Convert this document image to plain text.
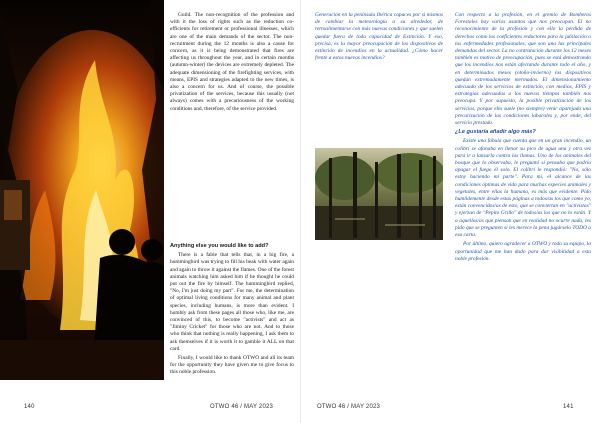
Guild. The non-recognition of the profession and with it the loss of rights such as the reduction co-efficients for retirement or professional illnesses, which are one of the main demands of the sector. The non-recruitment during the 12 months is also a cause for concern, as it is being demonstrated that fires are affecting us throughout the year, and in certain months (autumn-winter) the devices are extremely depleted. The adequate dimensioning of the firefighting services, with means, EPIS and strategies adapted to the new times, is also a concern for us. And of course, the possible privatization of the services, because this usually (not always) comes with a precariousness of the working conditions and, therefore, of the service provided.

Anything else you would like to add?

There is a fable that tells that, in a big fire, a hummingbird was trying to fill his beak with water again and again to throw it against the flames. One of the forest animals watching him asked him if he thought he could put out the fire by himself. The hummingbird replied, "No, I'm just doing my part". For me, the determination of optimal living conditions for many animal and plant species, including humans, is more than evident. I humbly ask from these pages all those who, like me, are convinced of this, to become "activists" and act as "Jiminy Cricket" for those who are not. And to those who think that nothing is really happening, I ask them to ask themselves if it is worth it to gamble it ALL on that card.

Finally, I would like to thank OTWO and all its team for the opportunity they have given me to give focus to this noble profession.

140	OTWO 46 / MAY 2023

Generación en la península Ibérica capaces por si mismos de cambiar la meteorología a su alrededor, de retroalimentarse con más nuevas condiciones y que suelen quedar fuera de toda capacidad de Extinción. Y eso, precisa, es la mayor preocupación de los dispositivos de extinción de incendios en la actualidad. ¿Cómo hacer frente a estos nuevos incendios?

Con respecto a la profesión, en el gremio de Bomberos Forestales hay varios asuntos que nos preocupan. El no reconocimiento de la profesión y con ello la pérdida de derechos como los coeficientes reductores para la jubilación o las enfermedades profesionales, que son una las principales demandas del sector. La no contratación durante los 12 meses también es motivo de preocupación, pues se está demostrando que los incendios nos están afectando durante todo el año, y en determinados meses (otoño-invierno) los dispositivos quedan extremadamente mermados. El dimensionamiento adecuado de los servicios de extinción, con medios, EPIS y estrategias adecuadas a los nuevos tiempos también nos preocupa. Y por supuesto, la posible privatización de los servicios, porque ello suele (no siempre) venir aparejado una precarización de las condiciones laborales y, por ende, del servicio prestado.

¿Le gustaría añadir algo más?

Existe una fábula que cuenta que en un gran incendio, un colibrí se afanaba en llenar su pico de agua una y otra vez para ir a lanzarla contra las llamas. Uno de los animales del bosque que lo observaba, le preguntó si pensaba que podría apagar el fuego él solo. El colibrí le respondió: "No, sólo estoy haciendo mi parte". Para mí, el alcance de las condiciones óptimas de vida para muchas especies animales y vegetales, entre ellas la humana, es más que evidente. Pido humildemente desde estas páginas a todos/as los que como yo, están convencidos/as de esto, que se conviertan en "activistas" y ejerzan de "Pepito Grillo" de todos/as los que no lo están. Y a aquellos/as que piensan que en realidad no ocurre nada, les pido que se pregunten si les merece la pena jugárselo TODO a esa carta.

Por último, quiero agradecer a OTWO y todo su equipo, la oportunidad que me han dado para dar visibilidad a esta noble profesión.

OTWO 46 / MAY 2023	141
